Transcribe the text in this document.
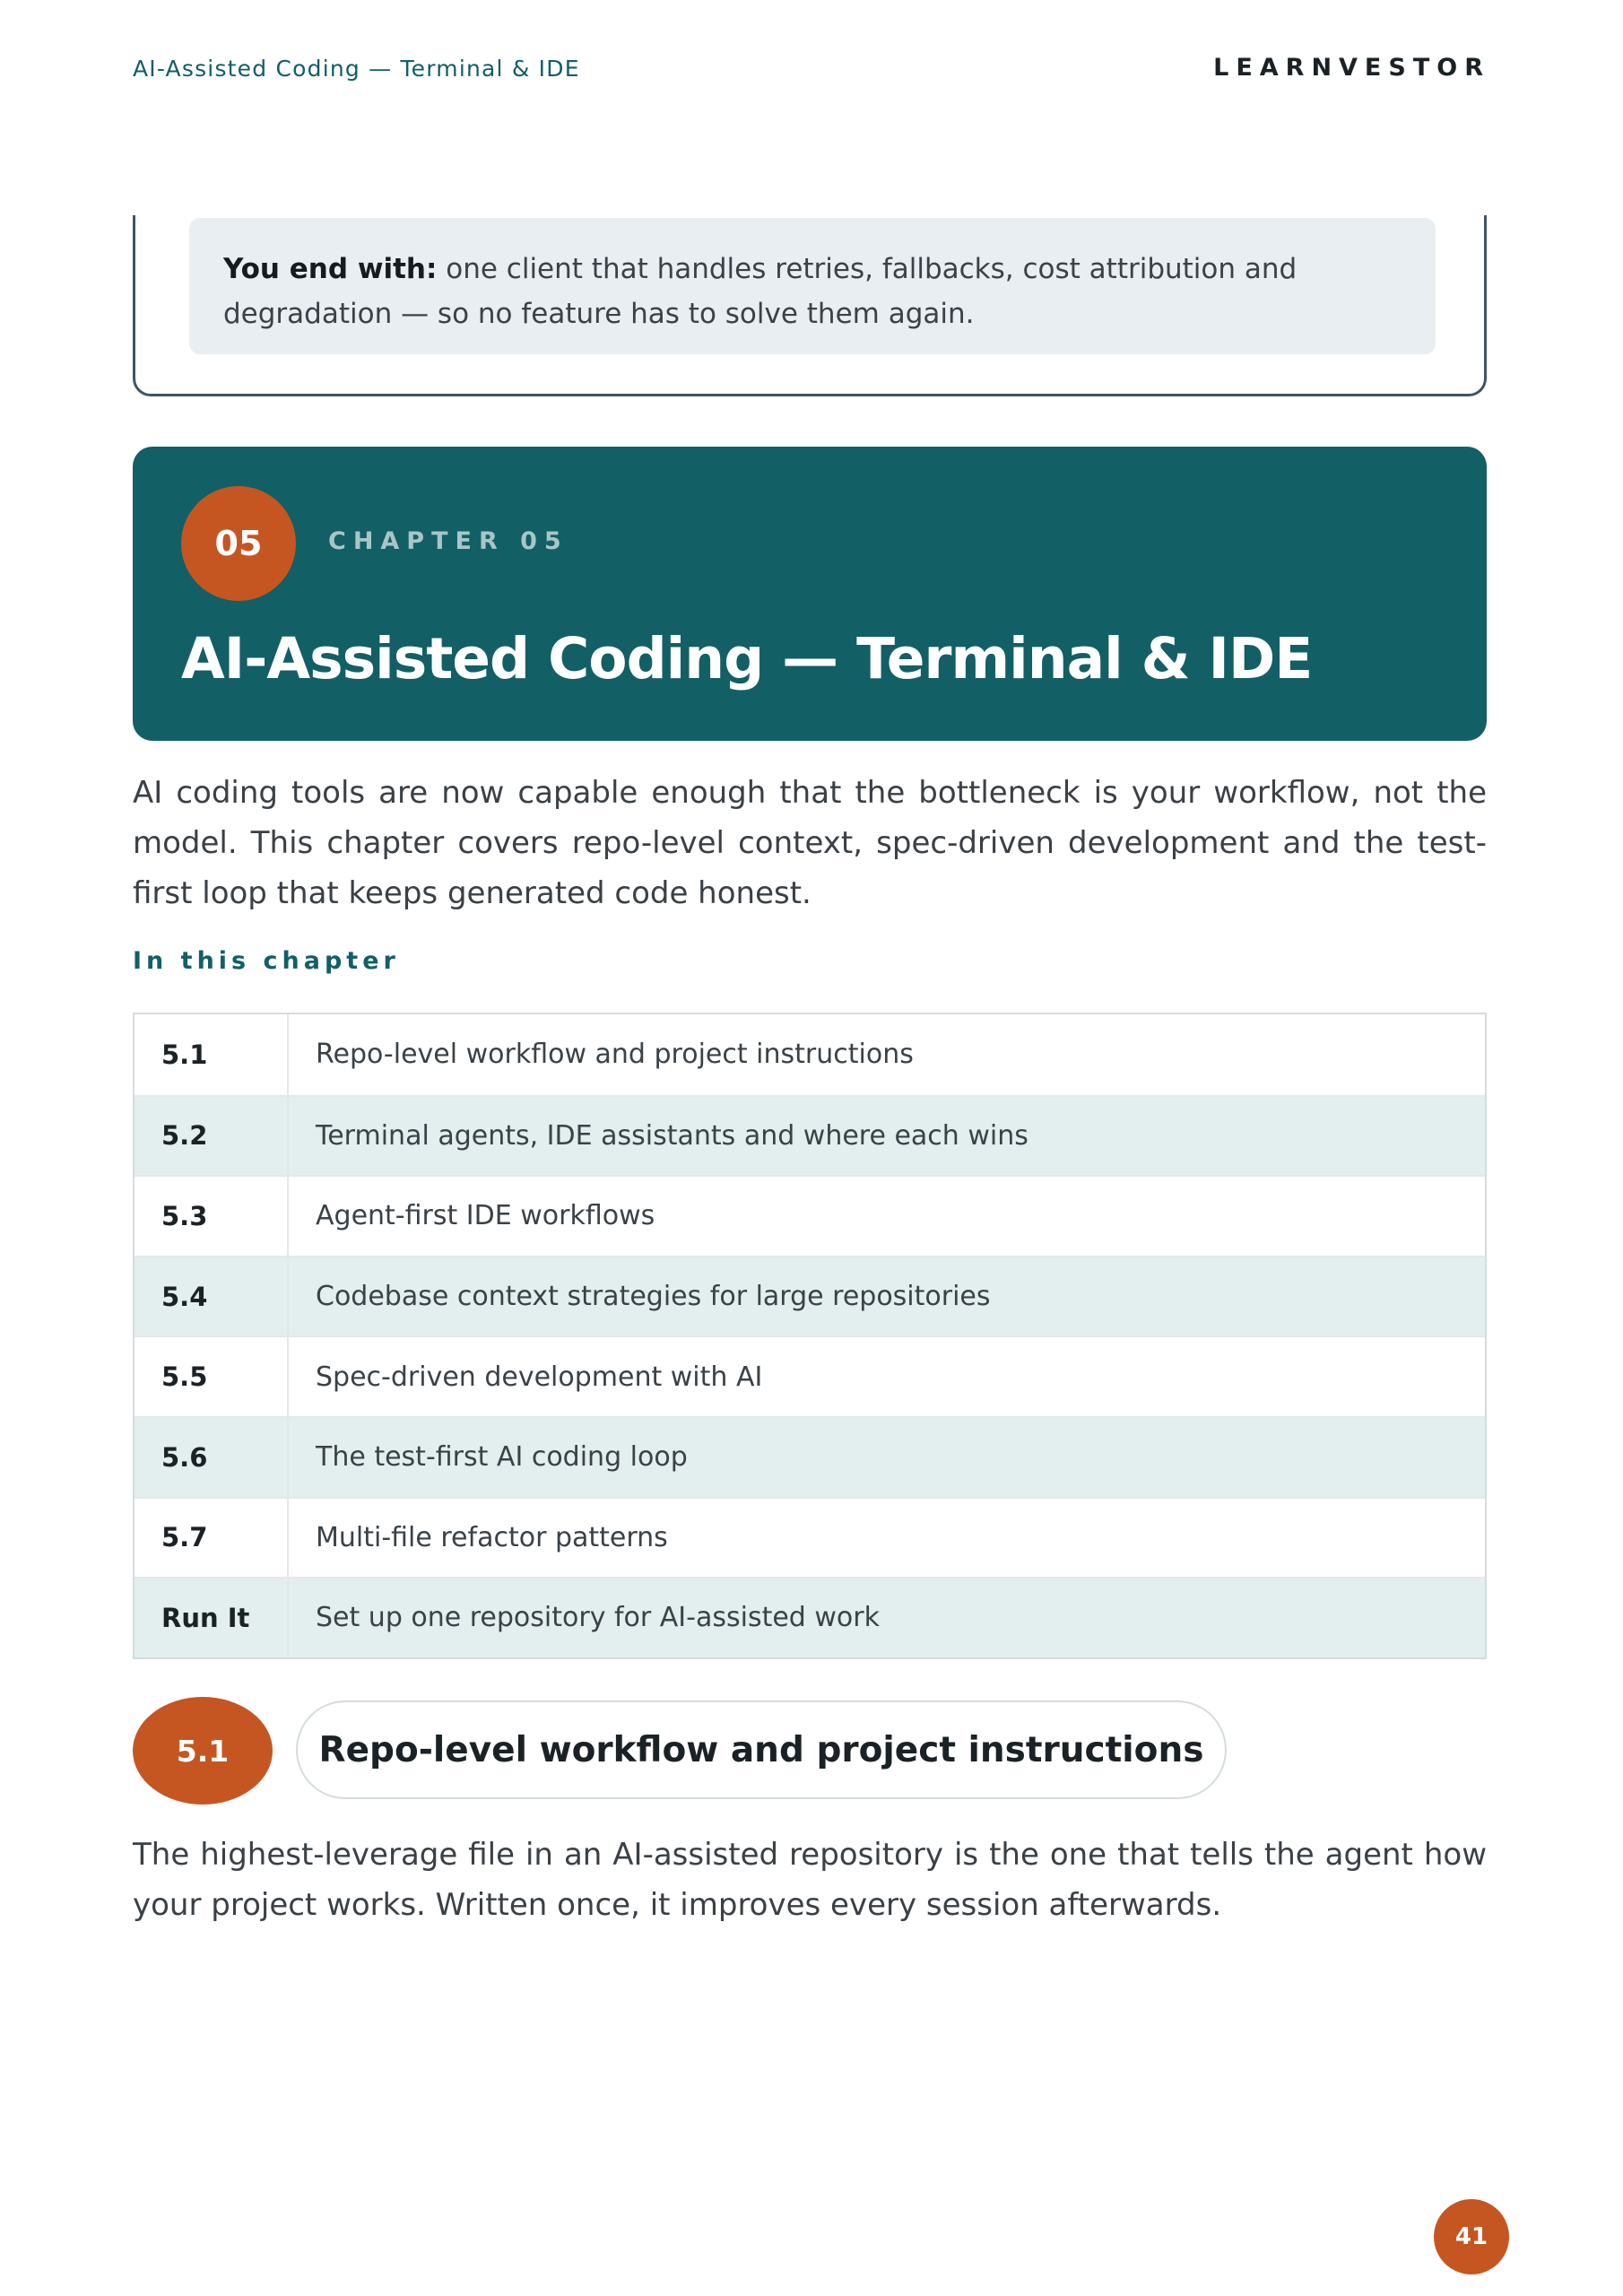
AI-Assisted Coding — Terminal & IDE	LEARNVESTOR
You end with: one client that handles retries, fallbacks, cost attribution and degradation — so no feature has to solve them again.
05	CHAPTER 05
AI-Assisted Coding — Terminal & IDE

AI coding tools are now capable enough that the bottleneck is your workflow, not the model. This chapter covers repo-level context, spec-driven development and the test-first loop that keeps generated code honest.

In this chapter
5.1	Repo-level workflow and project instructions
5.2	Terminal agents, IDE assistants and where each wins
5.3	Agent-first IDE workflows
5.4	Codebase context strategies for large repositories
5.5	Spec-driven development with AI
5.6	The test-first AI coding loop
5.7	Multi-file refactor patterns
Run It	Set up one repository for AI-assisted work
5.1	Repo-level workflow and project instructions

The highest-leverage file in an AI-assisted repository is the one that tells the agent how your project works. Written once, it improves every session afterwards.

41
